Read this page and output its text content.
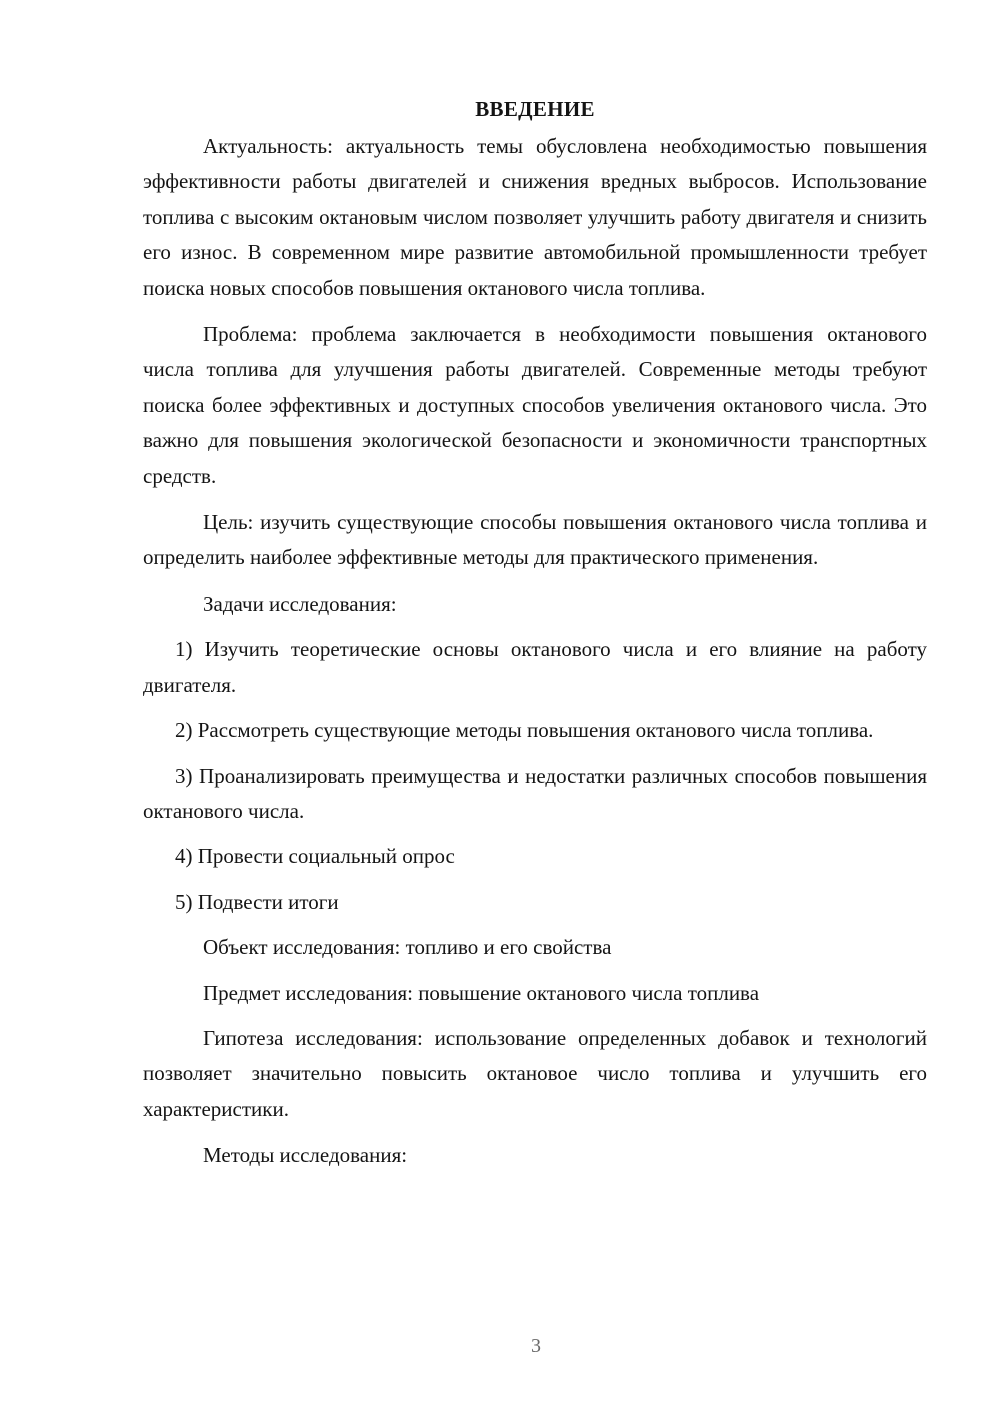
ВВЕДЕНИЕ

Актуальность: актуальность темы обусловлена необходимостью повышения эффективности работы двигателей и снижения вредных выбросов. Использование топлива с высоким октановым числом позволяет улучшить работу двигателя и снизить его износ. В современном мире развитие автомобильной промышленности требует поиска новых способов повышения октанового числа топлива.

Проблема: проблема заключается в необходимости повышения октанового числа топлива для улучшения работы двигателей. Современные методы требуют поиска более эффективных и доступных способов увеличения октанового числа. Это важно для повышения экологической безопасности и экономичности транспортных средств.

Цель: изучить существующие способы повышения октанового числа топлива и определить наиболее эффективные методы для практического применения.

Задачи исследования:

1) Изучить теоретические основы октанового числа и его влияние на работу двигателя.

2) Рассмотреть существующие методы повышения октанового числа топлива.

3) Проанализировать преимущества и недостатки различных способов повышения октанового числа.

4) Провести социальный опрос

5) Подвести итоги

Объект исследования: топливо и его свойства

Предмет исследования: повышение октанового числа топлива

Гипотеза исследования: использование определенных добавок и технологий позволяет значительно повысить октановое число топлива и улучшить его характеристики.

Методы исследования:

3
